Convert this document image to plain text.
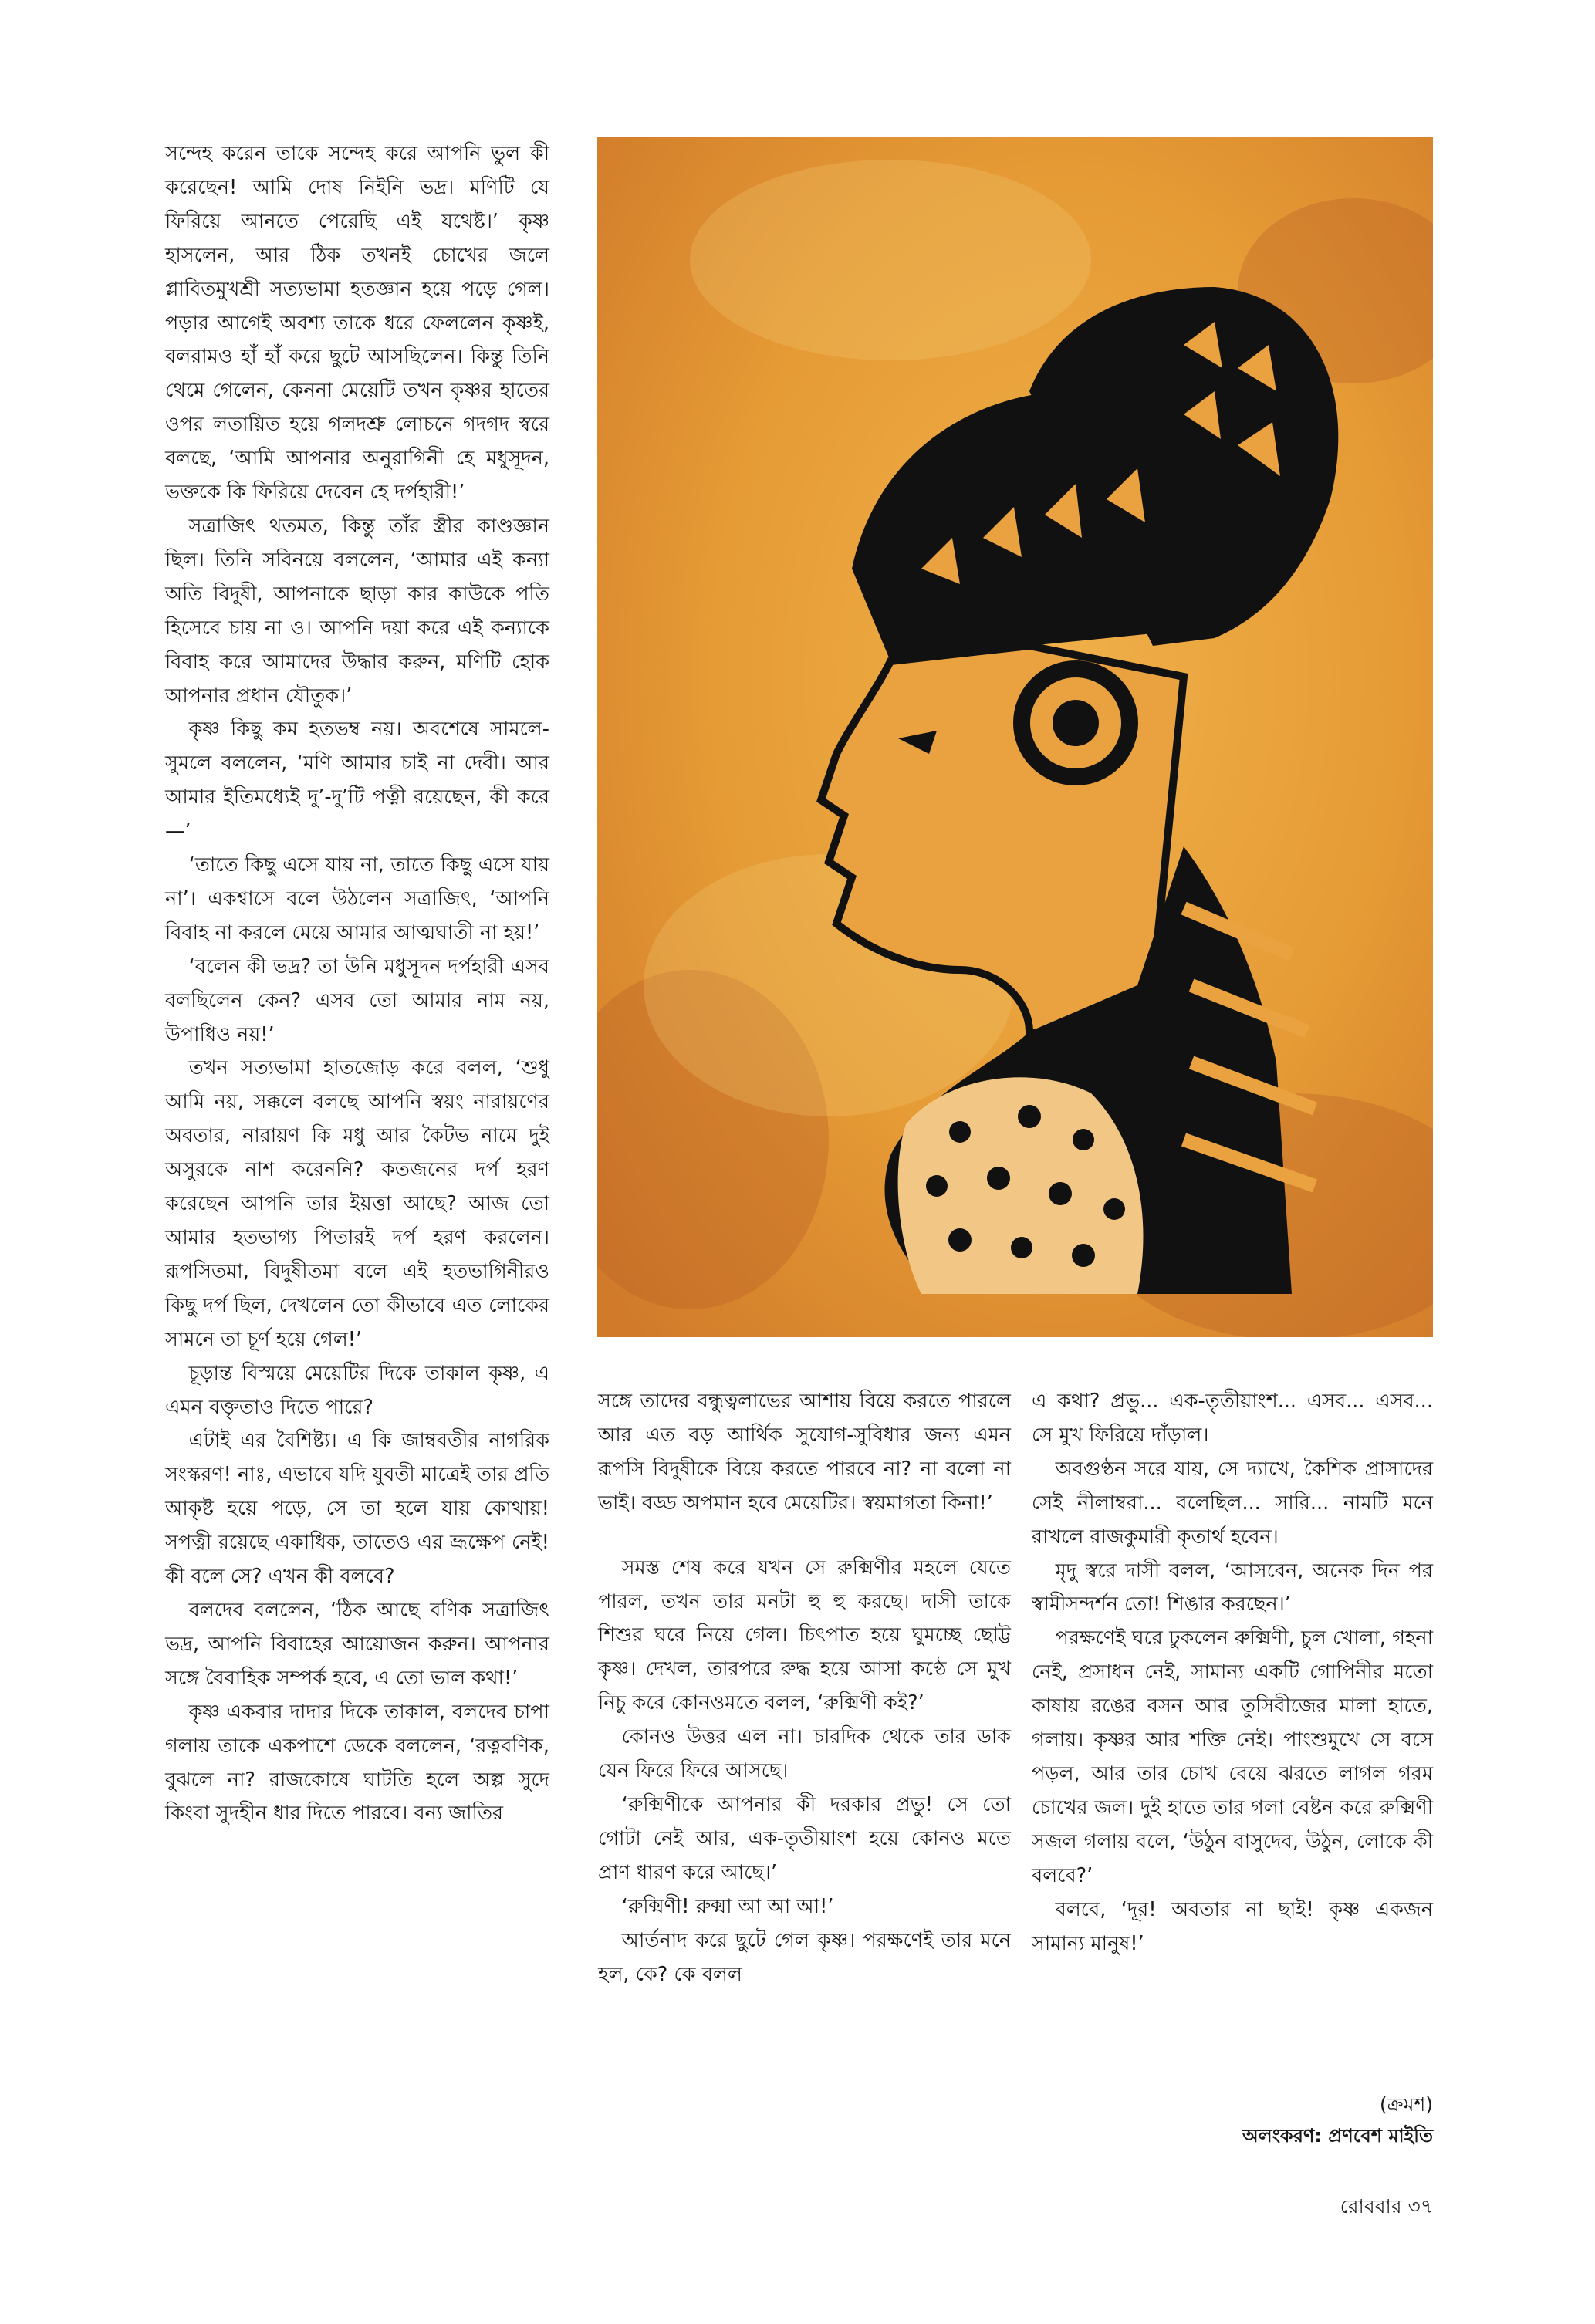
সন্দেহ করেন তাকে সন্দেহ করে আপনি ভুল কী করেছেন! আমি দোষ নিইনি ভদ্র। মণিটি যে ফিরিয়ে আনতে পেরেছি এই যথেষ্ট।’ কৃষ্ণ হাসলেন, আর ঠিক তখনই চোখের জলে প্লাবিতমুখশ্রী সত্যভামা হতজ্ঞান হয়ে পড়ে গেল। পড়ার আগেই অবশ্য তাকে ধরে ফেললেন কৃষ্ণই, বলরামও হাঁ হাঁ করে ছুটে আসছিলেন। কিন্তু তিনি থেমে গেলেন, কেননা মেয়েটি তখন কৃষ্ণর হাতের ওপর লতায়িত হয়ে গলদশ্রু লোচনে গদগদ স্বরে বলছে, ‘আমি আপনার অনুরাগিনী হে মধুসূদন, ভক্তকে কি ফিরিয়ে দেবেন হে দর্পহারী!’

সত্রাজিৎ থতমত, কিন্তু তাঁর স্ত্রীর কাণ্ডজ্ঞান ছিল। তিনি সবিনয়ে বললেন, ‘আমার এই কন্যা অতি বিদুষী, আপনাকে ছাড়া কার কাউকে পতি হিসেবে চায় না ও। আপনি দয়া করে এই কন্যাকে বিবাহ করে আমাদের উদ্ধার করুন, মণিটি হোক আপনার প্রধান যৌতুক।’

কৃষ্ণ কিছু কম হতভম্ব নয়। অবশেষে সামলে-সুমলে বললেন, ‘মণি আমার চাই না দেবী। আর আমার ইতিমধ্যেই দু’-দু’টি পত্নী রয়েছেন, কী করে—’

‘তাতে কিছু এসে যায় না, তাতে কিছু এসে যায় না’। একশ্বাসে বলে উঠলেন সত্রাজিৎ, ‘আপনি বিবাহ না করলে মেয়ে আমার আত্মঘাতী না হয়!’

‘বলেন কী ভদ্র? তা উনি মধুসূদন দর্পহারী এসব বলছিলেন কেন? এসব তো আমার নাম নয়, উপাধিও নয়!’

তখন সত্যভামা হাতজোড় করে বলল, ‘শুধু আমি নয়, সক্কলে বলছে আপনি স্বয়ং নারায়ণের অবতার, নারায়ণ কি মধু আর কৈটভ নামে দুই অসুরকে নাশ করেননি? কতজনের দর্প হরণ করেছেন আপনি তার ইয়ত্তা আছে? আজ তো আমার হতভাগ্য পিতারই দর্প হরণ করলেন। রূপসিতমা, বিদুষীতমা বলে এই হতভাগিনীরও কিছু দর্প ছিল, দেখলেন তো কীভাবে এত লোকের সামনে তা চূর্ণ হয়ে গেল!’

চূড়ান্ত বিস্ময়ে মেয়েটির দিকে তাকাল কৃষ্ণ, এ এমন বক্তৃতাও দিতে পারে?

এটাই এর বৈশিষ্ট্য। এ কি জাম্ববতীর নাগরিক সংস্করণ! নাঃ, এভাবে যদি যুবতী মাত্রেই তার প্রতি আকৃষ্ট হয়ে পড়ে, সে তা হলে যায় কোথায়! সপত্নী রয়েছে একাধিক, তাতেও এর ভ্রূক্ষেপ নেই! কী বলে সে? এখন কী বলবে?

বলদেব বললেন, ‘ঠিক আছে বণিক সত্রাজিৎ ভদ্র, আপনি বিবাহের আয়োজন করুন। আপনার সঙ্গে বৈবাহিক সম্পর্ক হবে, এ তো ভাল কথা!’

কৃষ্ণ একবার দাদার দিকে তাকাল, বলদেব চাপা গলায় তাকে একপাশে ডেকে বললেন, ‘রত্নবণিক, বুঝলে না? রাজকোষে ঘাটতি হলে অল্প সুদে কিংবা সুদহীন ধার দিতে পারবে। বন্য জাতির

সঙ্গে তাদের বন্ধুত্বলাভের আশায় বিয়ে করতে পারলে আর এত বড় আর্থিক সুযোগ-সুবিধার জন্য এমন রূপসি বিদুষীকে বিয়ে করতে পারবে না? না বলো না ভাই। বড্ড অপমান হবে মেয়েটির। স্বয়মাগতা কিনা!’

সমস্ত শেষ করে যখন সে রুক্মিণীর মহলে যেতে পারল, তখন তার মনটা হু হু করছে। দাসী তাকে শিশুর ঘরে নিয়ে গেল। চিৎপাত হয়ে ঘুমচ্ছে ছোট্ট কৃষ্ণ। দেখল, তারপরে রুদ্ধ হয়ে আসা কণ্ঠে সে মুখ নিচু করে কোনওমতে বলল, ‘রুক্মিণী কই?’

কোনও উত্তর এল না। চারদিক থেকে তার ডাক যেন ফিরে ফিরে আসছে।

‘রুক্মিণীকে আপনার কী দরকার প্রভু! সে তো গোটা নেই আর, এক-তৃতীয়াংশ হয়ে কোনও মতে প্রাণ ধারণ করে আছে।’

‘রুক্মিণী! রুক্মা আ আ আ!’

আর্তনাদ করে ছুটে গেল কৃষ্ণ। পরক্ষণেই তার মনে হল, কে? কে বলল

এ কথা? প্রভু... এক-তৃতীয়াংশ... এসব... এসব... সে মুখ ফিরিয়ে দাঁড়াল।

অবগুণ্ঠন সরে যায়, সে দ্যাখে, কৈশিক প্রাসাদের সেই নীলাম্বরা... বলেছিল... সারি... নামটি মনে রাখলে রাজকুমারী কৃতার্থ হবেন।

মৃদু স্বরে দাসী বলল, ‘আসবেন, অনেক দিন পর স্বামীসন্দর্শন তো! শিঙার করছেন।’

পরক্ষণেই ঘরে ঢুকলেন রুক্মিণী, চুল খোলা, গহনা নেই, প্রসাধন নেই, সামান্য একটি গোপিনীর মতো কাষায় রঙের বসন আর তুসিবীজের মালা হাতে, গলায়। কৃষ্ণর আর শক্তি নেই। পাংশুমুখে সে বসে পড়ল, আর তার চোখ বেয়ে ঝরতে লাগল গরম চোখের জল। দুই হাতে তার গলা বেষ্টন করে রুক্মিণী সজল গলায় বলে, ‘উঠুন বাসুদেব, উঠুন, লোকে কী বলবে?’

বলবে, ‘দূর! অবতার না ছাই! কৃষ্ণ একজন সামান্য মানুষ!’

(ক্রমশ)
অলংকরণ: প্রণবেশ মাইতি
রোববার ৩৭
